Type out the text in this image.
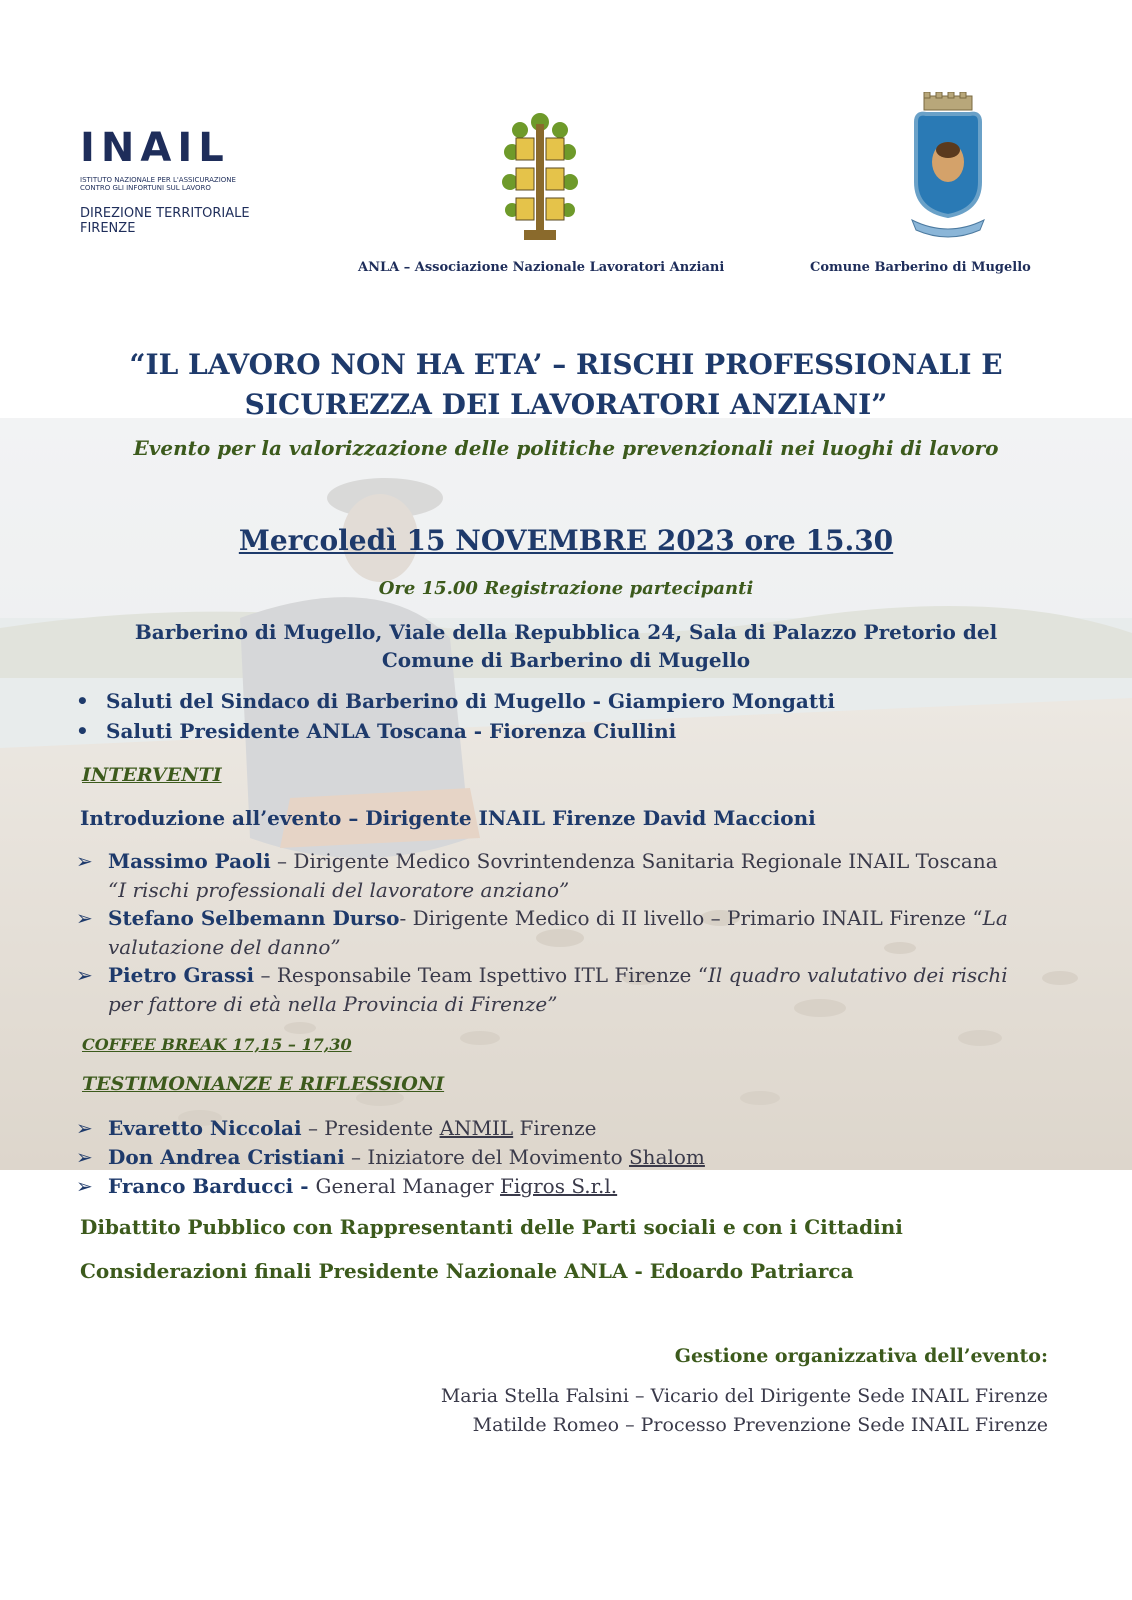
INAIL
ISTITUTO NAZIONALE PER L'ASSICURAZIONE CONTRO GLI INFORTUNI SUL LAVORO
DIREZIONE TERRITORIALE
FIRENZE
ANLA – Associazione Nazionale Lavoratori Anziani	Comune Barberino di Mugello
“IL LAVORO NON HA ETA’ – RISCHI PROFESSIONALI E
SICUREZZA DEI LAVORATORI ANZIANI”
Evento per la valorizzazione delle politiche prevenzionali nei luoghi di lavoro
Mercoledì 15 NOVEMBRE 2023 ore 15.30
Ore 15.00 Registrazione partecipanti
Barberino di Mugello, Viale della Repubblica 24, Sala di Palazzo Pretorio del
Comune di Barberino di Mugello
• Saluti del Sindaco di Barberino di Mugello - Giampiero Mongatti
• Saluti Presidente ANLA Toscana - Fiorenza Ciullini
INTERVENTI
Introduzione all’evento – Dirigente INAIL Firenze David Maccioni
➢ Massimo Paoli – Dirigente Medico Sovrintendenza Sanitaria Regionale INAIL Toscana
“I rischi professionali del lavoratore anziano”
➢ Stefano Selbemann Durso- Dirigente Medico di II livello – Primario INAIL Firenze “La
valutazione del danno”
➢ Pietro Grassi – Responsabile Team Ispettivo ITL Firenze “Il quadro valutativo dei rischi
per fattore di età nella Provincia di Firenze”
COFFEE BREAK 17,15 – 17,30
TESTIMONIANZE E RIFLESSIONI
➢ Evaretto Niccolai – Presidente ANMIL Firenze
➢ Don Andrea Cristiani – Iniziatore del Movimento Shalom
➢ Franco Barducci - General Manager Figros S.r.l.
Dibattito Pubblico con Rappresentanti delle Parti sociali e con i Cittadini
Considerazioni finali Presidente Nazionale ANLA - Edoardo Patriarca
Gestione organizzativa dell’evento:
Maria Stella Falsini – Vicario del Dirigente Sede INAIL Firenze
Matilde Romeo – Processo Prevenzione Sede INAIL Firenze
